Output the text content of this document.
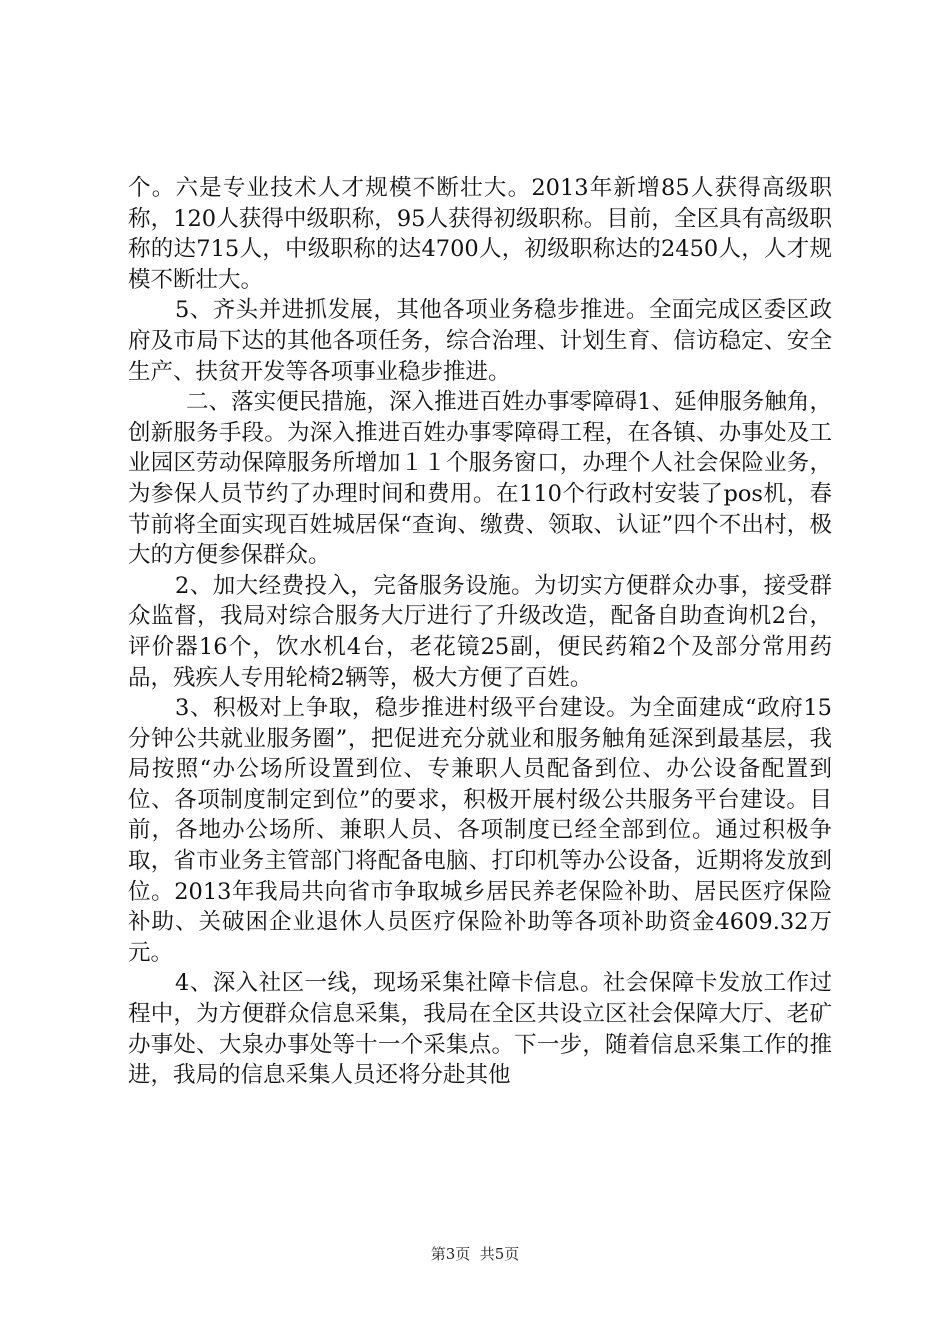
个。六是专业技术人才规模不断壮大。2013年新增85人获得高级职称，120人获得中级职称，95人获得初级职称。目前，全区具有高级职称的达715人，中级职称的达4700人，初级职称达的2450人，人才规模不断壮大。

5、齐头并进抓发展，其他各项业务稳步推进。全面完成区委区政府及市局下达的其他各项任务，综合治理、计划生育、信访稳定、安全生产、扶贫开发等各项事业稳步推进。

二、落实便民措施，深入推进百姓办事零障碍1、延伸服务触角，创新服务手段。为深入推进百姓办事零障碍工程，在各镇、办事处及工业园区劳动保障服务所增加１１个服务窗口，办理个人社会保险业务，为参保人员节约了办理时间和费用。在110个行政村安装了pos机，春节前将全面实现百姓城居保“查询、缴费、领取、认证”四个不出村，极大的方便参保群众。

2、加大经费投入，完备服务设施。为切实方便群众办事，接受群众监督，我局对综合服务大厅进行了升级改造，配备自助查询机2台，评价器16个，饮水机4台，老花镜25副，便民药箱2个及部分常用药品，残疾人专用轮椅2辆等，极大方便了百姓。

3、积极对上争取，稳步推进村级平台建设。为全面建成“政府15分钟公共就业服务圈”，把促进充分就业和服务触角延深到最基层，我局按照“办公场所设置到位、专兼职人员配备到位、办公设备配置到位、各项制度制定到位”的要求，积极开展村级公共服务平台建设。目前，各地办公场所、兼职人员、各项制度已经全部到位。通过积极争取，省市业务主管部门将配备电脑、打印机等办公设备，近期将发放到位。2013年我局共向省市争取城乡居民养老保险补助、居民医疗保险补助、关破困企业退休人员医疗保险补助等各项补助资金4609.32万元。

4、深入社区一线，现场采集社障卡信息。社会保障卡发放工作过程中，为方便群众信息采集，我局在全区共设立区社会保障大厅、老矿办事处、大泉办事处等十一个采集点。下一步，随着信息采集工作的推进，我局的信息采集人员还将分赴其他

第3页  共5页
